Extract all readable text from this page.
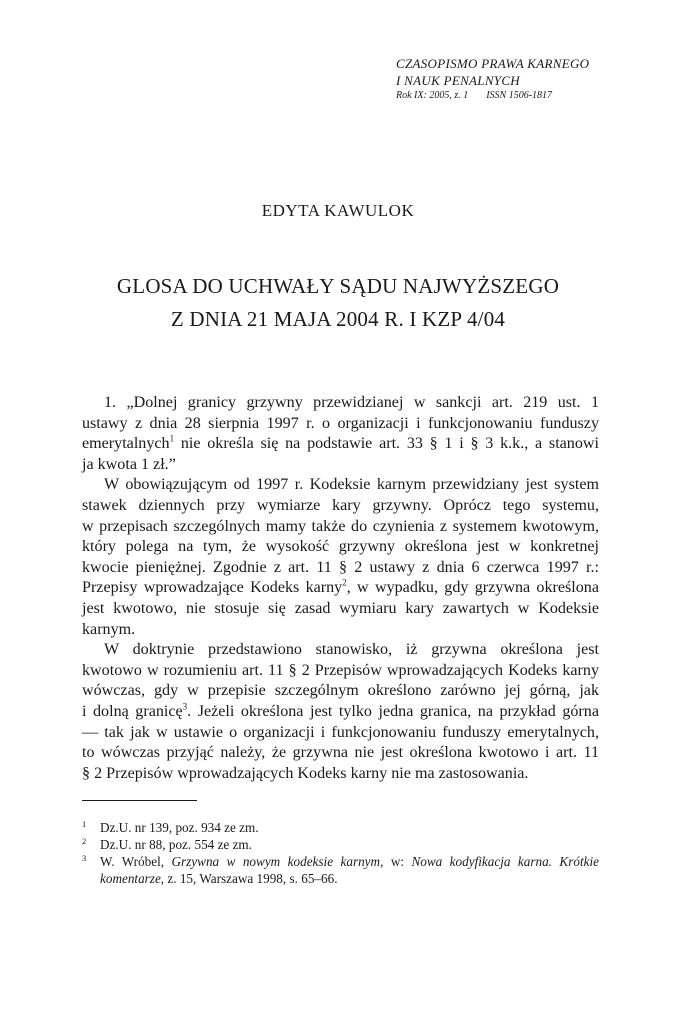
CZASOPISMO PRAWA KARNEGO
I NAUK PENALNYCH
Rok IX: 2005, z. 1 ISSN 1506-1817
EDYTA KAWULOK
GLOSA DO UCHWAŁY SĄDU NAJWYŻSZEGO
Z DNIA 21 MAJA 2004 R. I KZP 4/04
1. „Dolnej granicy grzywny przewidzianej w sankcji art. 219 ust. 1
ustawy z dnia 28 sierpnia 1997 r. o organizacji i funkcjonowaniu funduszy
emerytalnych$^1$ nie określa się na podstawie art. 33 § 1 i § 3 k.k., a stanowi
ja kwota 1 zł.”
W obowiązującym od 1997 r. Kodeksie karnym przewidziany jest system
stawek dziennych przy wymiarze kary grzywny. Oprócz tego systemu,
w przepisach szczególnych mamy także do czynienia z systemem kwotowym,
który polega na tym, że wysokość grzywny określona jest w konkretnej
kwocie pieniężnej. Zgodnie z art. 11 § 2 ustawy z dnia 6 czerwca 1997 r.:
Przepisy wprowadzające Kodeks karny$^2$, w wypadku, gdy grzywna określona
jest kwotowo, nie stosuje się zasad wymiaru kary zawartych w Kodeksie
karnym.
W doktrynie przedstawiono stanowisko, iż grzywna określona jest
kwotowo w rozumieniu art. 11 § 2 Przepisów wprowadzających Kodeks karny
wówczas, gdy w przepisie szczególnym określono zarówno jej górną, jak
i dolną granicę$^3$. Jeżeli określona jest tylko jedna granica, na przykład górna
— tak jak w ustawie o organizacji i funkcjonowaniu funduszy emerytalnych,
to wówczas przyjąć należy, że grzywna nie jest określona kwotowo i art. 11
§ 2 Przepisów wprowadzających Kodeks karny nie ma zastosowania.
1 Dz.U. nr 139, poz. 934 ze zm.
2 Dz.U. nr 88, poz. 554 ze zm.
3 W. Wróbel, Grzywna w nowym kodeksie karnym, w: Nowa kodyfikacja karna. Krótkie
komentarze, z. 15, Warszawa 1998, s. 65–66.
